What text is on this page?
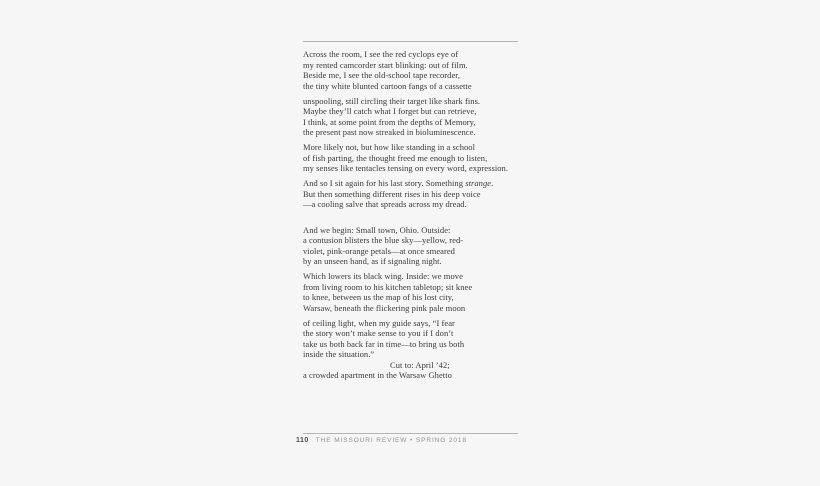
Across the room, I see the red cyclops eye of
my rented camcorder start blinking: out of film.
Beside me, I see the old-school tape recorder,
the tiny white blunted cartoon fangs of a cassette
unspooling, still circling their target like shark fins.
Maybe they’ll catch what I forget but can retrieve,
I think, at some point from the depths of Memory,
the present past now streaked in bioluminescence.
More likely not, but how like standing in a school
of fish parting, the thought freed me enough to listen,
my senses like tentacles tensing on every word, expression.
And so I sit again for his last story. Something strange.
But then something different rises in his deep voice
—a cooling salve that spreads across my dread.
And we begin: Small town, Ohio. Outside:
a contusion blisters the blue sky—yellow, red-
violet, pink-orange petals—at once smeared
by an unseen hand, as if signaling night.
Which lowers its black wing. Inside: we move
from living room to his kitchen tabletop; sit knee
to knee, between us the map of his lost city,
Warsaw, beneath the flickering pink pale moon
of ceiling light, when my guide says, “I fear
the story won’t make sense to you if I don’t
take us both back far in time—to bring us both
inside the situation.”
Cut to: April ’42;
a crowded apartment in the Warsaw Ghetto
110 THE MISSOURI REVIEW • SPRING 2018
